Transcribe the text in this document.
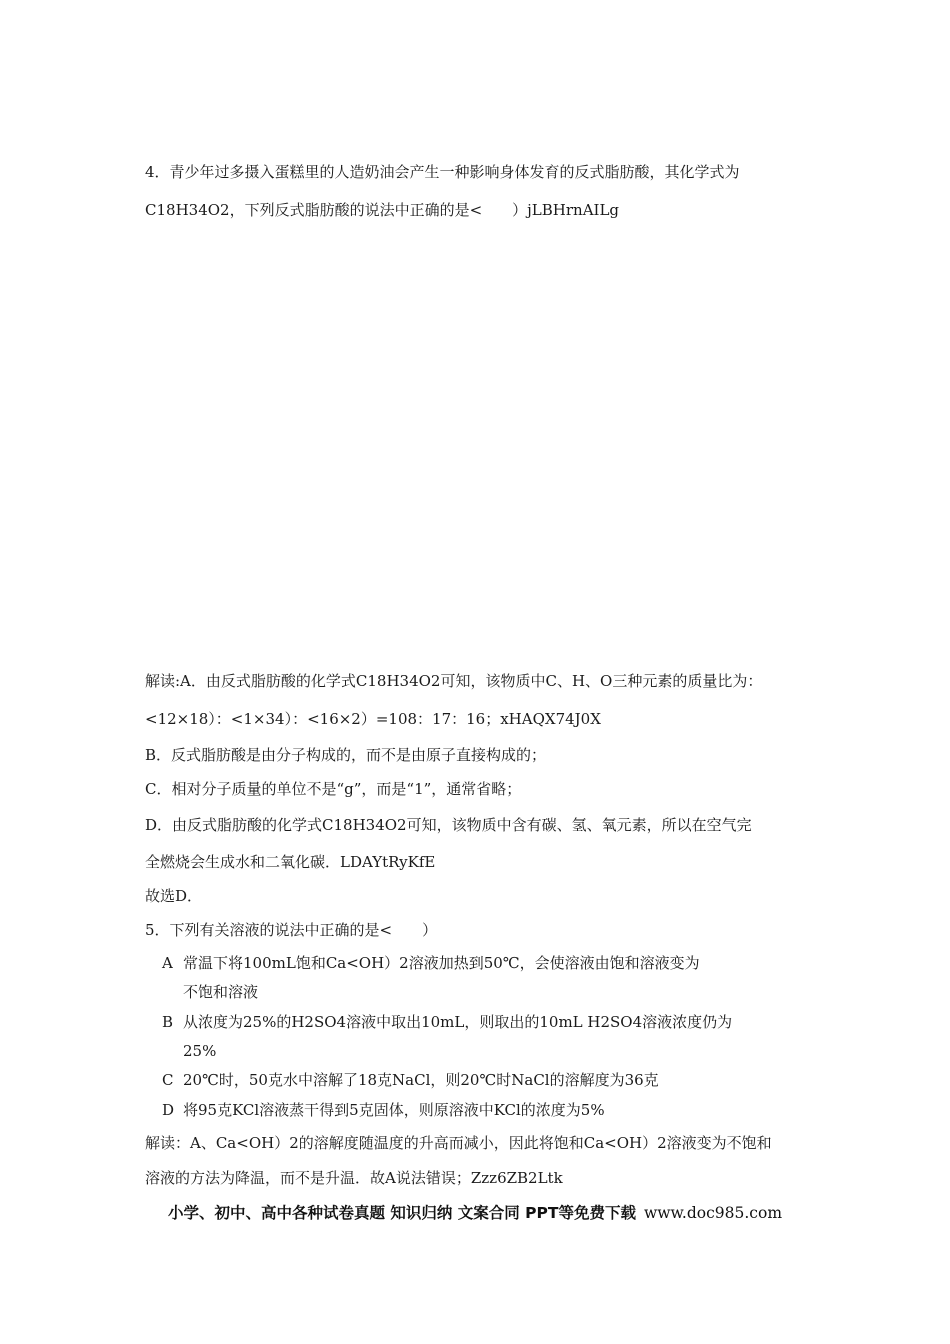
4．青少年过多摄入蛋糕里的人造奶油会产生一种影响身体发育的反式脂肪酸，其化学式为
C18H34O2，下列反式脂肪酸的说法中正确的是<　　）jLBHrnAILg
解读:A．由反式脂肪酸的化学式C18H34O2可知，该物质中C、H、O三种元素的质量比为：
<12×18）：<1×34）：<16×2）=108：17：16；xHAQX74J0X
B．反式脂肪酸是由分子构成的，而不是由原子直接构成的；
C．相对分子质量的单位不是“g”，而是“1”，通常省略；
D．由反式脂肪酸的化学式C18H34O2可知，该物质中含有碳、氢、氧元素，所以在空气完
全燃烧会生成水和二氧化碳．LDAYtRyKfE
故选D．
5．下列有关溶液的说法中正确的是<　　）
A 常温下将100mL饱和Ca<OH）2溶液加热到50℃，会使溶液由饱和溶液变为
不饱和溶液
B 从浓度为25%的H2SO4溶液中取出10mL，则取出的10mL H2SO4溶液浓度仍为
25%
C 20℃时，50克水中溶解了18克NaCl，则20℃时NaCl的溶解度为36克
D 将95克KCl溶液蒸干得到5克固体，则原溶液中KCl的浓度为5%
解读：A、Ca<OH）2的溶解度随温度的升高而减小，因此将饱和Ca<OH）2溶液变为不饱和
溶液的方法为降温，而不是升温．故A说法错误；Zzz6ZB2Ltk
小学、初中、高中各种试卷真题 知识归纳 文案合同 PPT等免费下载 www.doc985.com
